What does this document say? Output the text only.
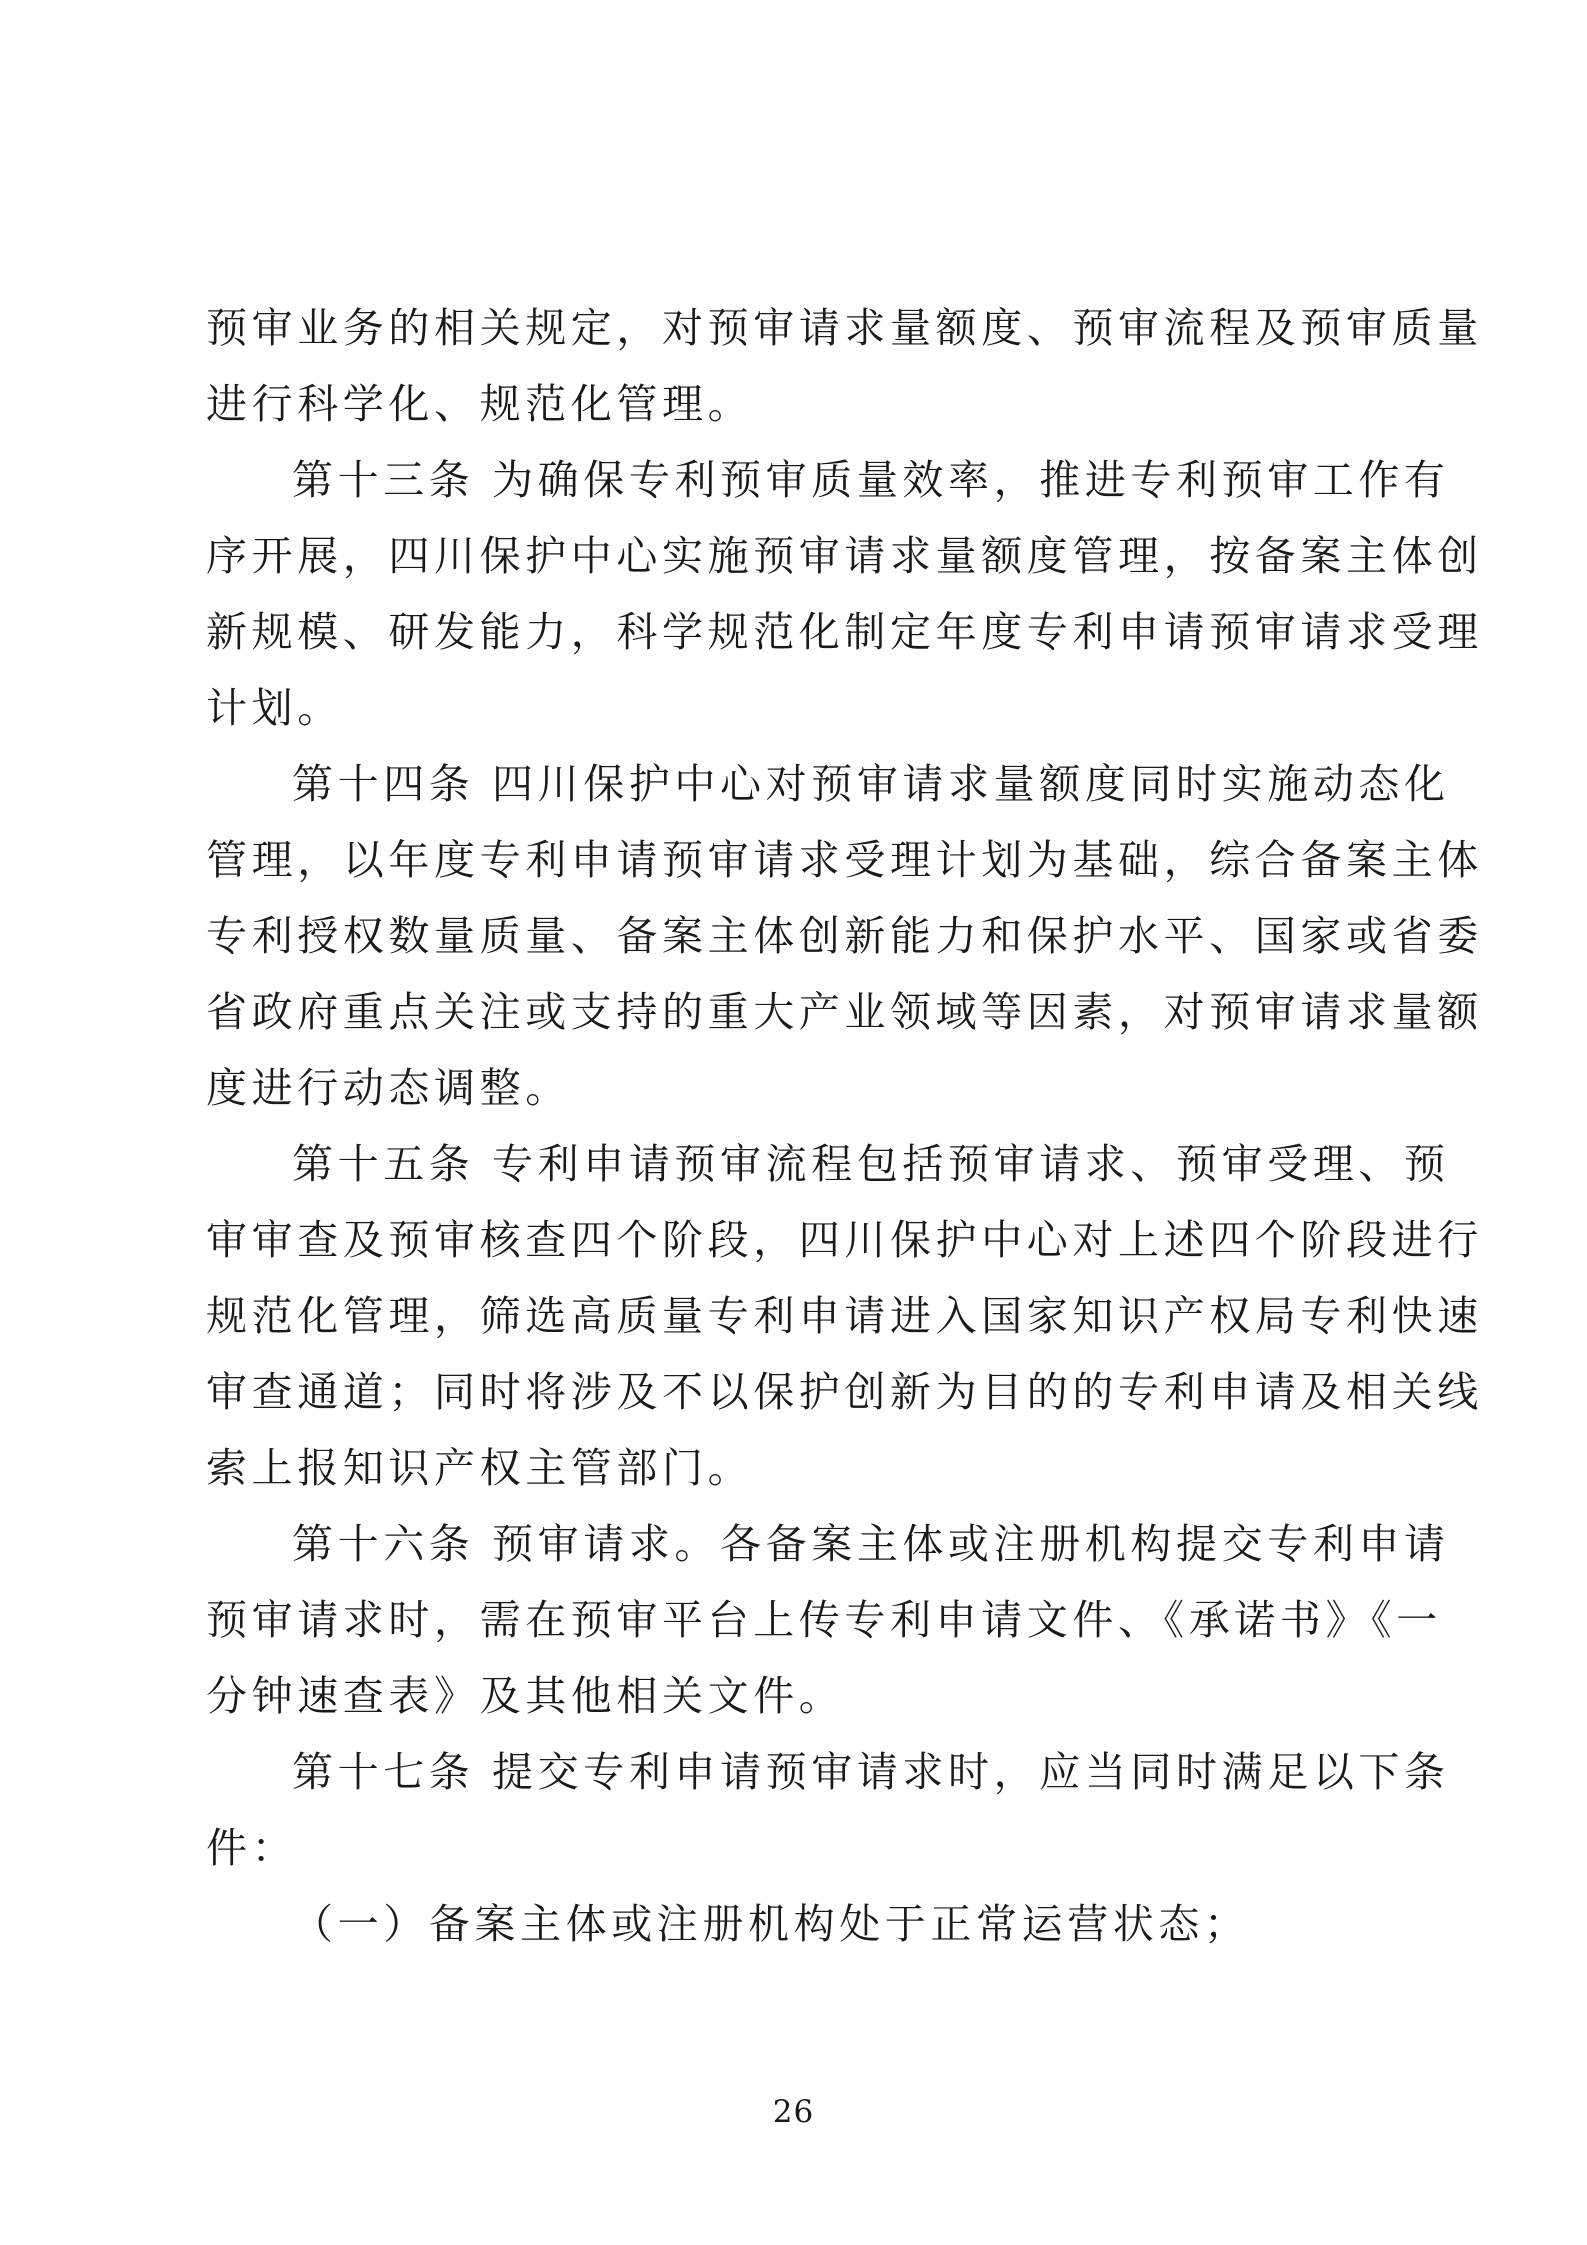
预审业务的相关规定，对预审请求量额度、预审流程及预审质量
进行科学化、规范化管理。
第十三条 为确保专利预审质量效率，推进专利预审工作有
序开展，四川保护中心实施预审请求量额度管理，按备案主体创
新规模、研发能力，科学规范化制定年度专利申请预审请求受理
计划。
第十四条 四川保护中心对预审请求量额度同时实施动态化
管理，以年度专利申请预审请求受理计划为基础，综合备案主体
专利授权数量质量、备案主体创新能力和保护水平、国家或省委
省政府重点关注或支持的重大产业领域等因素，对预审请求量额
度进行动态调整。
第十五条 专利申请预审流程包括预审请求、预审受理、预
审审查及预审核查四个阶段，四川保护中心对上述四个阶段进行
规范化管理，筛选高质量专利申请进入国家知识产权局专利快速
审查通道；同时将涉及不以保护创新为目的的专利申请及相关线
索上报知识产权主管部门。
第十六条 预审请求。各备案主体或注册机构提交专利申请
预审请求时，需在预审平台上传专利申请文件、《承诺书》《一
分钟速查表》及其他相关文件。
第十七条 提交专利申请预审请求时，应当同时满足以下条
件：
（一）备案主体或注册机构处于正常运营状态；
26
